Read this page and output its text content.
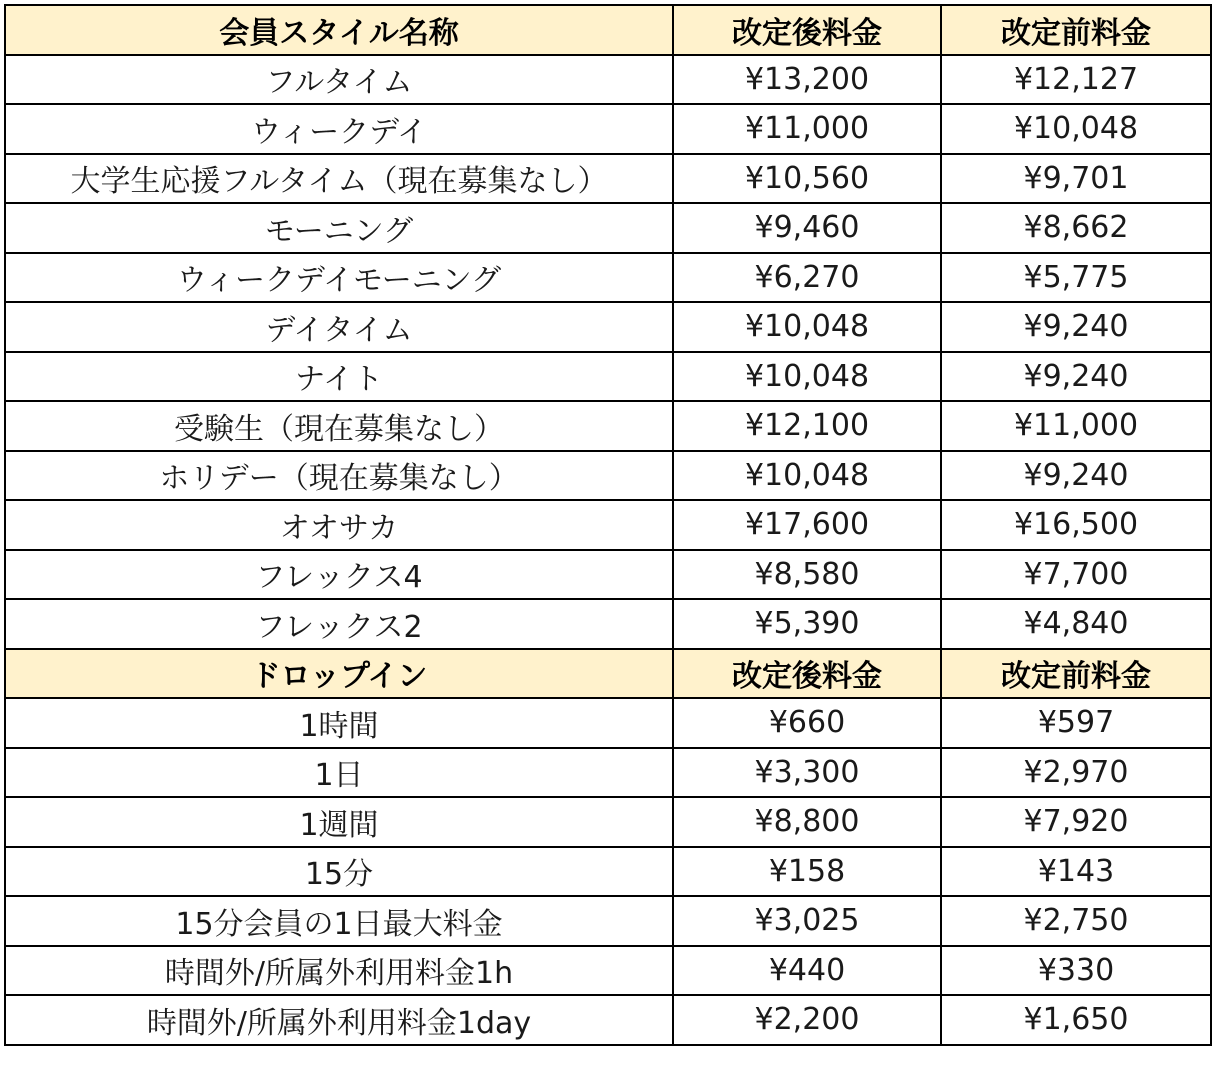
会員スタイル名称	改定後料金	改定前料金
フルタイム	¥13,200	¥12,127
ウィークデイ	¥11,000	¥10,048
大学生応援フルタイム（現在募集なし）	¥10,560	¥9,701
モーニング	¥9,460	¥8,662
ウィークデイモーニング	¥6,270	¥5,775
デイタイム	¥10,048	¥9,240
ナイト	¥10,048	¥9,240
受験生（現在募集なし）	¥12,100	¥11,000
ホリデー（現在募集なし）	¥10,048	¥9,240
オオサカ	¥17,600	¥16,500
フレックス4	¥8,580	¥7,700
フレックス2	¥5,390	¥4,840
ドロップイン	改定後料金	改定前料金
1時間	¥660	¥597
1日	¥3,300	¥2,970
1週間	¥8,800	¥7,920
15分	¥158	¥143
15分会員の1日最大料金	¥3,025	¥2,750
時間外/所属外利用料金1h	¥440	¥330
時間外/所属外利用料金1day	¥2,200	¥1,650
